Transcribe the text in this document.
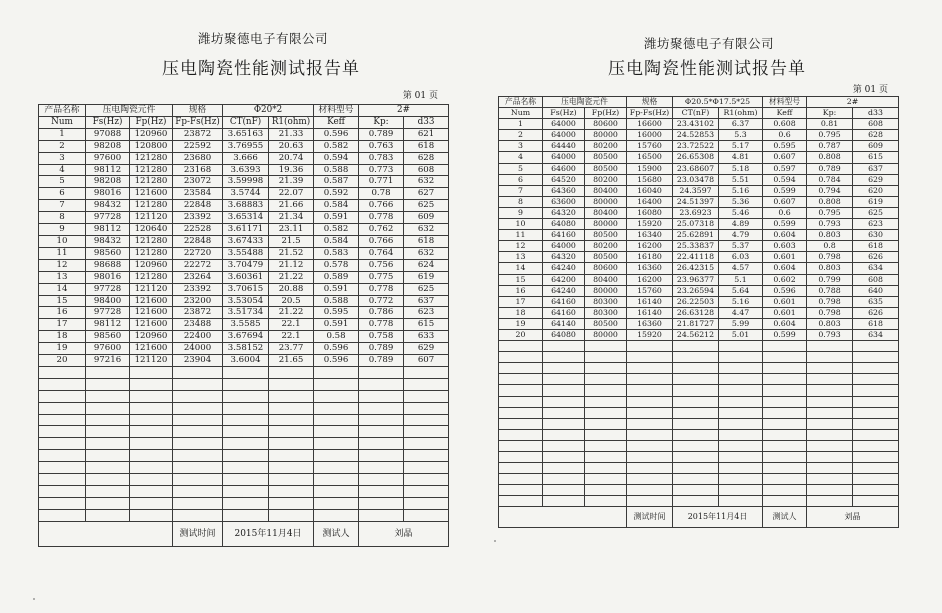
潍坊聚德电子有限公司
压电陶瓷性能测试报告单
第 01 页
产品名称	压电陶瓷元件		规格	Φ20*2		材料型号	2#	
Num	Fs(Hz)	Fp(Hz)	Fp-Fs(Hz)	CT(nF)	R1(ohm)	Keff	Kp:	d33
1	97088	120960	23872	3.65163	21.33	0.596	0.789	621
2	98208	120800	22592	3.76955	20.63	0.582	0.763	618
3	97600	121280	23680	3.666	20.74	0.594	0.783	628
4	98112	121280	23168	3.6393	19.36	0.588	0.773	608
5	98208	121280	23072	3.59998	21.39	0.587	0.771	632
6	98016	121600	23584	3.5744	22.07	0.592	0.78	627
7	98432	121280	22848	3.68883	21.66	0.584	0.766	625
8	97728	121120	23392	3.65314	21.34	0.591	0.778	609
9	98112	120640	22528	3.61171	23.11	0.582	0.762	632
10	98432	121280	22848	3.67433	21.5	0.584	0.766	618
11	98560	121280	22720	3.55488	21.52	0.583	0.764	632
12	98688	120960	22272	3.70479	21.12	0.578	0.756	624
13	98016	121280	23264	3.60361	21.22	0.589	0.775	619
14	97728	121120	23392	3.70615	20.88	0.591	0.778	625
15	98400	121600	23200	3.53054	20.5	0.588	0.772	637
16	97728	121600	23872	3.51734	21.22	0.595	0.786	623
17	98112	121600	23488	3.5585	22.1	0.591	0.778	615
18	98560	120960	22400	3.67694	22.1	0.58	0.758	633
19	97600	121600	24000	3.58152	23.77	0.596	0.789	629
20	97216	121120	23904	3.6004	21.65	0.596	0.789	607

			测试时间	2015年11月4日		测试人	刘晶	
潍坊聚德电子有限公司
压电陶瓷性能测试报告单
第 01 页
产品名称	压电陶瓷元件		规格	Φ20.5*Φ17.5*25		材料型号	2#	
Num	Fs(Hz)	Fp(Hz)	Fp-Fs(Hz)	CT(nF)	R1(ohm)	Keff	Kp:	d33
1	64000	80600	16600	23.43102	6.37	0.608	0.81	608
2	64000	80000	16000	24.52853	5.3	0.6	0.795	628
3	64440	80200	15760	23.72522	5.17	0.595	0.787	609
4	64000	80500	16500	26.65308	4.81	0.607	0.808	615
5	64600	80500	15900	23.68607	5.18	0.597	0.789	637
6	64520	80200	15680	23.03478	5.51	0.594	0.784	629
7	64360	80400	16040	24.3597	5.16	0.599	0.794	620
8	63600	80000	16400	24.51397	5.36	0.607	0.808	619
9	64320	80400	16080	23.6923	5.46	0.6	0.795	625
10	64080	80000	15920	25.07318	4.89	0.599	0.793	623
11	64160	80500	16340	25.62891	4.79	0.604	0.803	630
12	64000	80200	16200	25.33837	5.37	0.603	0.8	618
13	64320	80500	16180	22.41118	6.03	0.601	0.798	626
14	64240	80600	16360	26.42315	4.57	0.604	0.803	634
15	64200	80400	16200	23.96377	5.1	0.602	0.799	608
16	64240	80000	15760	23.26594	5.64	0.596	0.788	640
17	64160	80300	16140	26.22503	5.16	0.601	0.798	635
18	64160	80300	16140	26.63128	4.47	0.601	0.798	626
19	64140	80500	16360	21.81727	5.99	0.604	0.803	618
20	64080	80000	15920	24.56212	5.01	0.599	0.793	634

			测试时间	2015年11月4日		测试人	刘晶	
